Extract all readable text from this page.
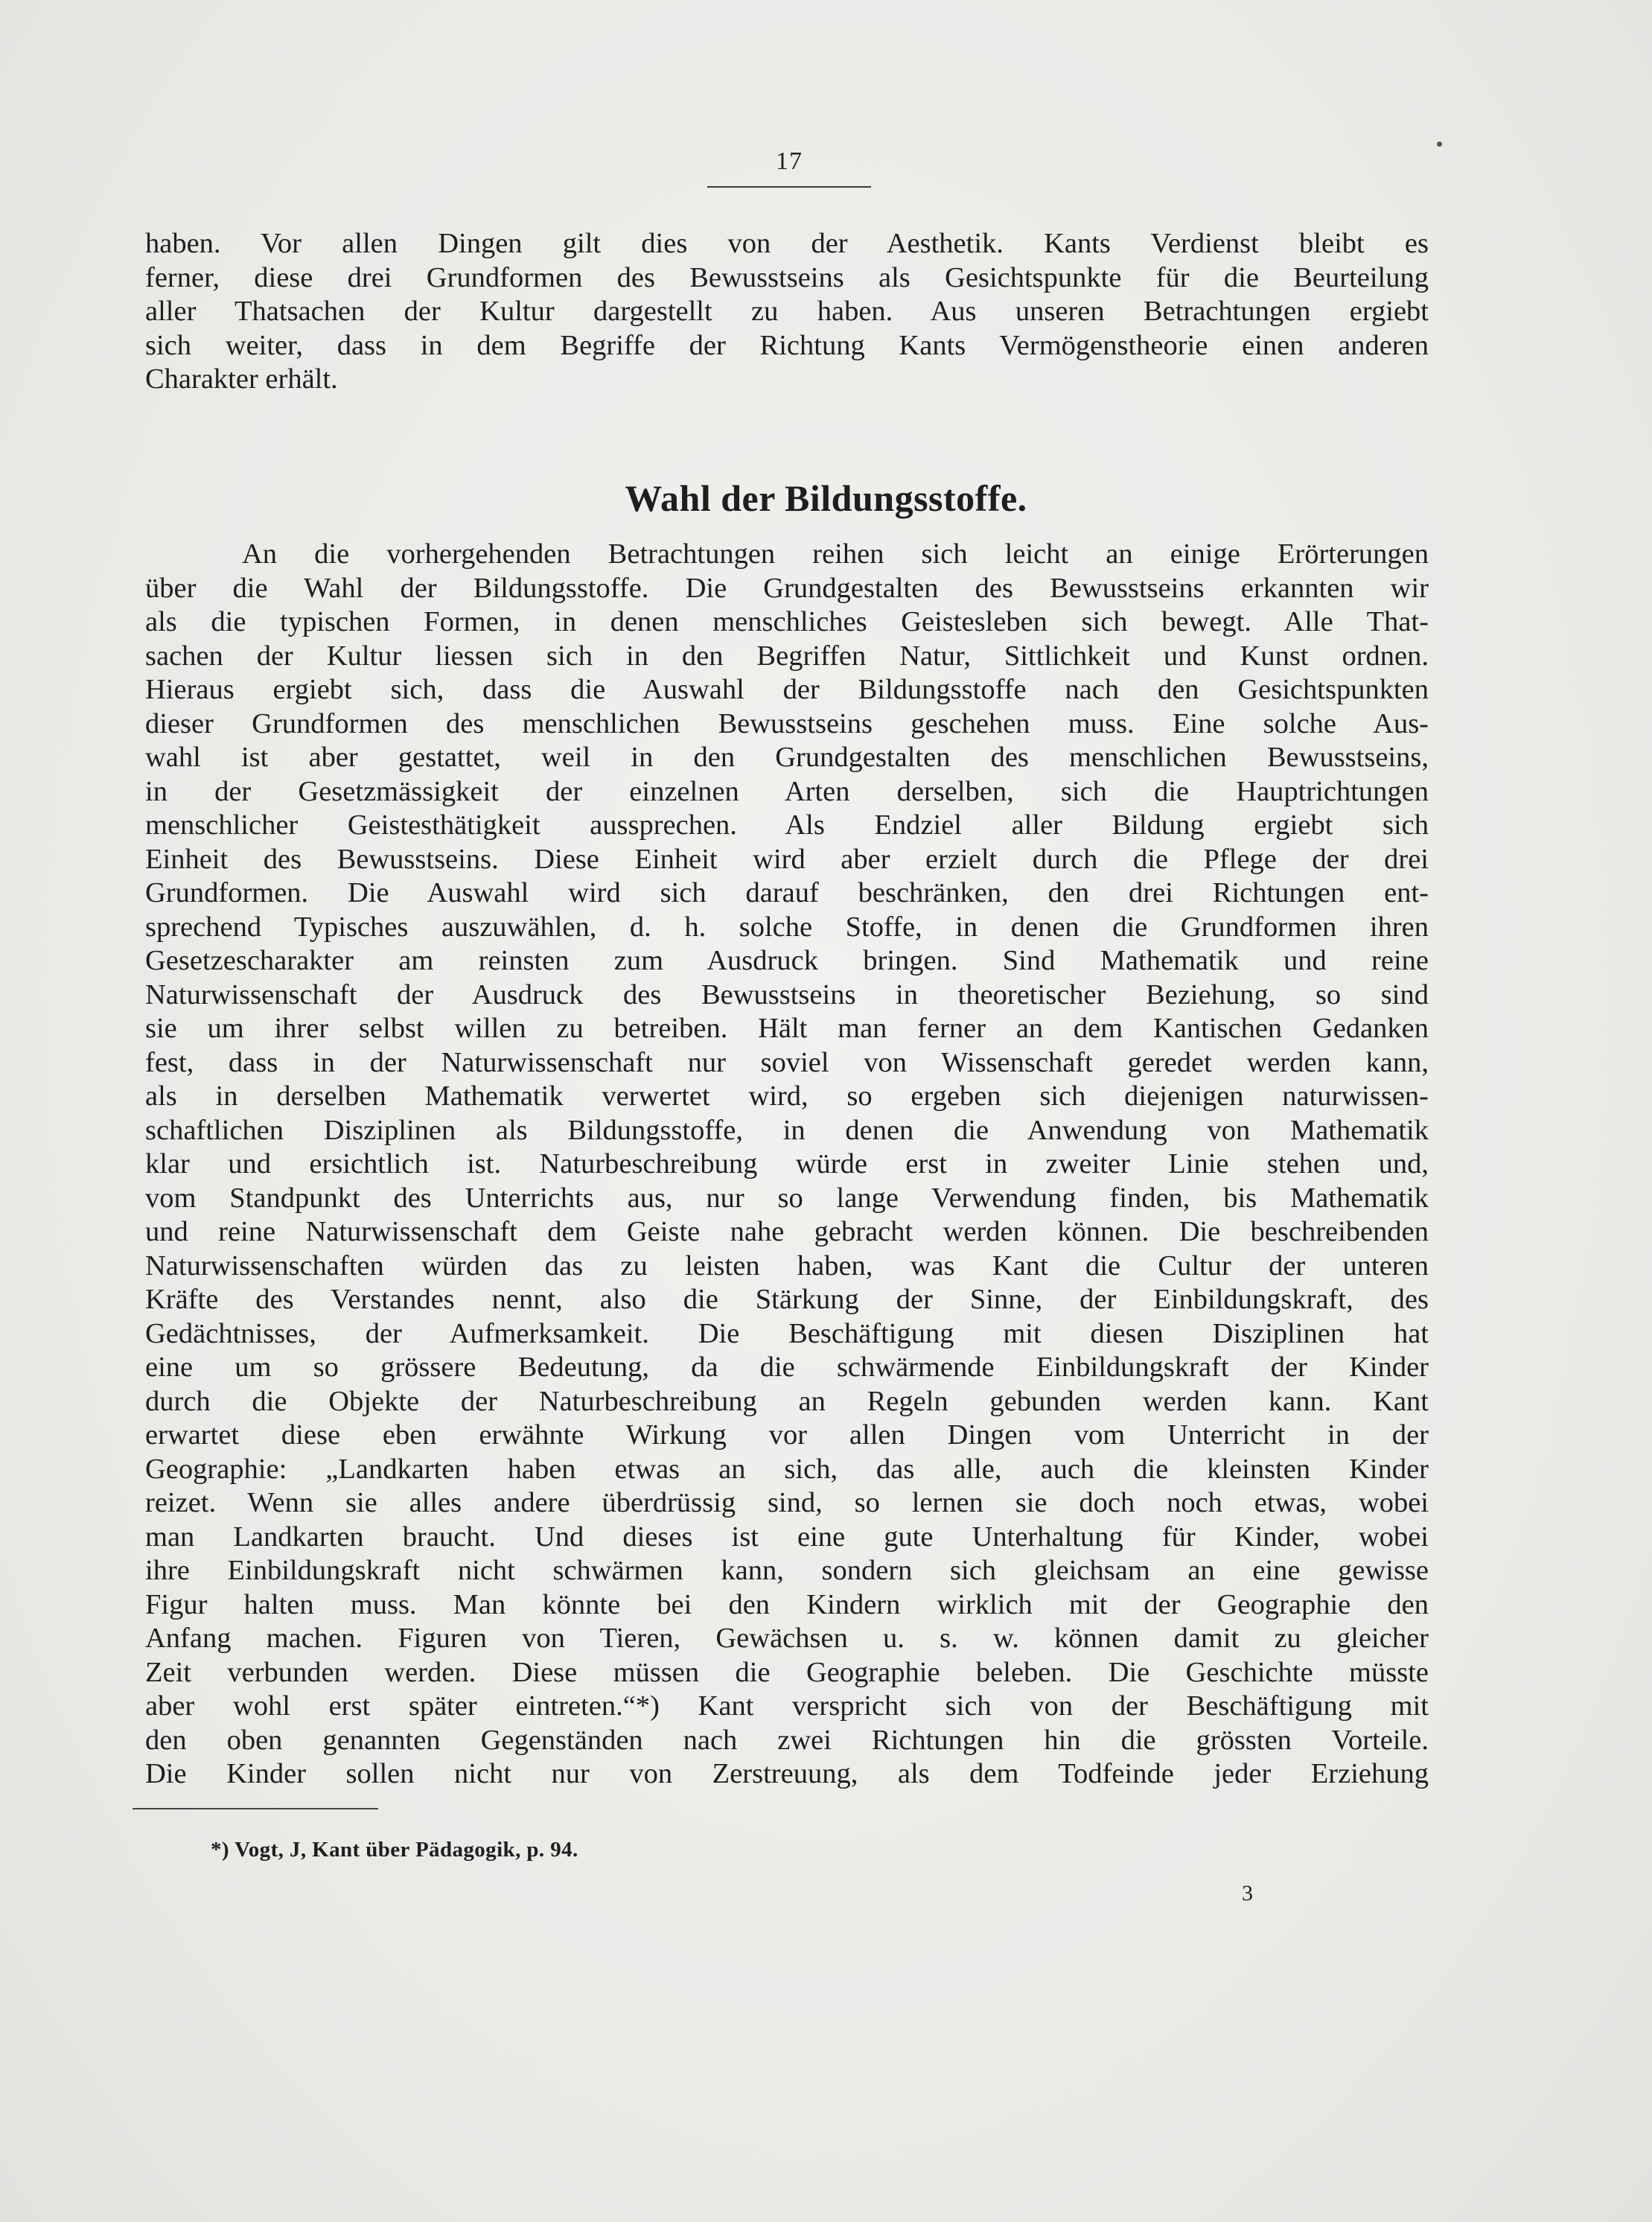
17
haben. Vor allen Dingen gilt dies von der Aesthetik. Kants Verdienst bleibt es
ferner, diese drei Grundformen des Bewusstseins als Gesichtspunkte für die Beurteilung
aller Thatsachen der Kultur dargestellt zu haben. Aus unseren Betrachtungen ergiebt
sich weiter, dass in dem Begriffe der Richtung Kants Vermögenstheorie einen anderen
Charakter erhält.
Wahl der Bildungsstoffe.
An die vorhergehenden Betrachtungen reihen sich leicht an einige Erörterungen
über die Wahl der Bildungsstoffe. Die Grundgestalten des Bewusstseins erkannten wir
als die typischen Formen, in denen menschliches Geistesleben sich bewegt. Alle That-
sachen der Kultur liessen sich in den Begriffen Natur, Sittlichkeit und Kunst ordnen.
Hieraus ergiebt sich, dass die Auswahl der Bildungsstoffe nach den Gesichtspunkten
dieser Grundformen des menschlichen Bewusstseins geschehen muss. Eine solche Aus-
wahl ist aber gestattet, weil in den Grundgestalten des menschlichen Bewusstseins,
in der Gesetzmässigkeit der einzelnen Arten derselben, sich die Hauptrichtungen
menschlicher Geistesthätigkeit aussprechen. Als Endziel aller Bildung ergiebt sich
Einheit des Bewusstseins. Diese Einheit wird aber erzielt durch die Pflege der drei
Grundformen. Die Auswahl wird sich darauf beschränken, den drei Richtungen ent-
sprechend Typisches auszuwählen, d. h. solche Stoffe, in denen die Grundformen ihren
Gesetzescharakter am reinsten zum Ausdruck bringen. Sind Mathematik und reine
Naturwissenschaft der Ausdruck des Bewusstseins in theoretischer Beziehung, so sind
sie um ihrer selbst willen zu betreiben. Hält man ferner an dem Kantischen Gedanken
fest, dass in der Naturwissenschaft nur soviel von Wissenschaft geredet werden kann,
als in derselben Mathematik verwertet wird, so ergeben sich diejenigen naturwissen-
schaftlichen Disziplinen als Bildungsstoffe, in denen die Anwendung von Mathematik
klar und ersichtlich ist. Naturbeschreibung würde erst in zweiter Linie stehen und,
vom Standpunkt des Unterrichts aus, nur so lange Verwendung finden, bis Mathematik
und reine Naturwissenschaft dem Geiste nahe gebracht werden können. Die beschreibenden
Naturwissenschaften würden das zu leisten haben, was Kant die Cultur der unteren
Kräfte des Verstandes nennt, also die Stärkung der Sinne, der Einbildungskraft, des
Gedächtnisses, der Aufmerksamkeit. Die Beschäftigung mit diesen Disziplinen hat
eine um so grössere Bedeutung, da die schwärmende Einbildungskraft der Kinder
durch die Objekte der Naturbeschreibung an Regeln gebunden werden kann. Kant
erwartet diese eben erwähnte Wirkung vor allen Dingen vom Unterricht in der
Geographie: „Landkarten haben etwas an sich, das alle, auch die kleinsten Kinder
reizet. Wenn sie alles andere überdrüssig sind, so lernen sie doch noch etwas, wobei
man Landkarten braucht. Und dieses ist eine gute Unterhaltung für Kinder, wobei
ihre Einbildungskraft nicht schwärmen kann, sondern sich gleichsam an eine gewisse
Figur halten muss. Man könnte bei den Kindern wirklich mit der Geographie den
Anfang machen. Figuren von Tieren, Gewächsen u. s. w. können damit zu gleicher
Zeit verbunden werden. Diese müssen die Geographie beleben. Die Geschichte müsste
aber wohl erst später eintreten.“*) Kant verspricht sich von der Beschäftigung mit
den oben genannten Gegenständen nach zwei Richtungen hin die grössten Vorteile.
Die Kinder sollen nicht nur von Zerstreuung, als dem Todfeinde jeder Erziehung
*) Vogt, J, Kant über Pädagogik, p. 94.
3
